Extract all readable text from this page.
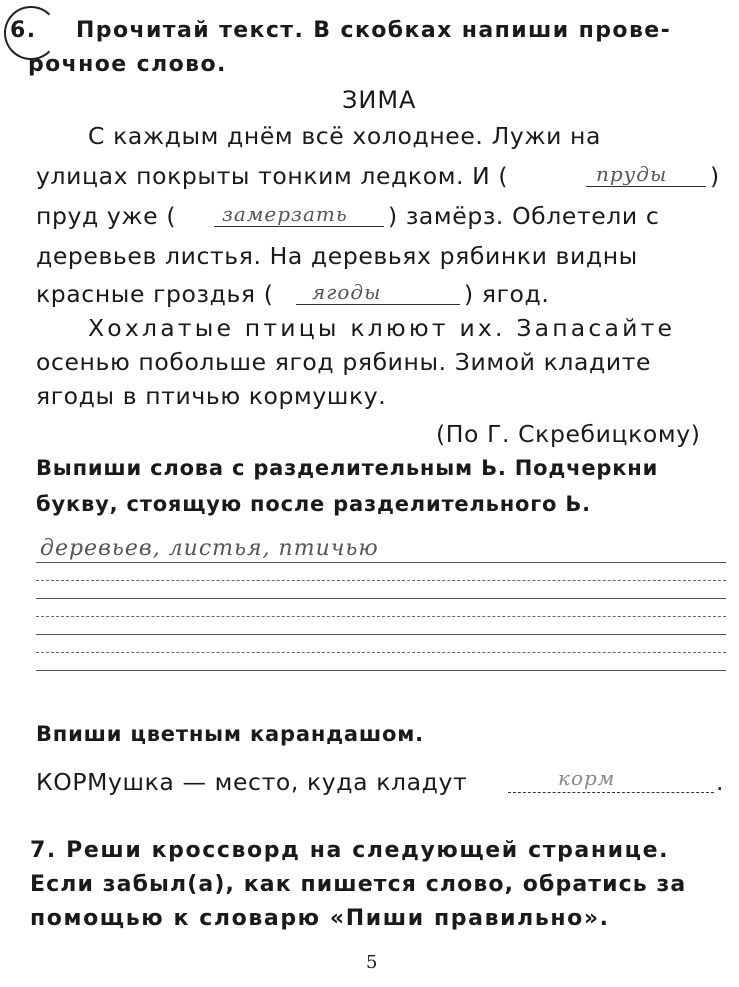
6. Прочитай текст. В скобках напиши прове-
рочное слово.
ЗИМА
С каждым днём всё холоднее. Лужи на
улицах покрыты тонким ледком. И (	пруды )
пруд уже ( замерзать ) замёрз. Облетели с
деревьев листья. На деревьях рябинки видны
красные гроздья ( ягоды	) ягод.
Хохлатые птицы клюют их. Запасайте
осенью побольше ягод рябины. Зимой кладите
ягоды в птичью кормушку.
(По Г. Скребицкому)
Выпиши слова с разделительным Ь. Подчеркни
букву, стоящую после разделительного Ь.
деревьев, листья, птичью
Впиши цветным карандашом.
КОРМушка — место, куда кладут	корм	.
7. Реши кроссворд на следующей странице.
Если забыл(а), как пишется слово, обратись за
помощью к словарю «Пиши правильно».
5
